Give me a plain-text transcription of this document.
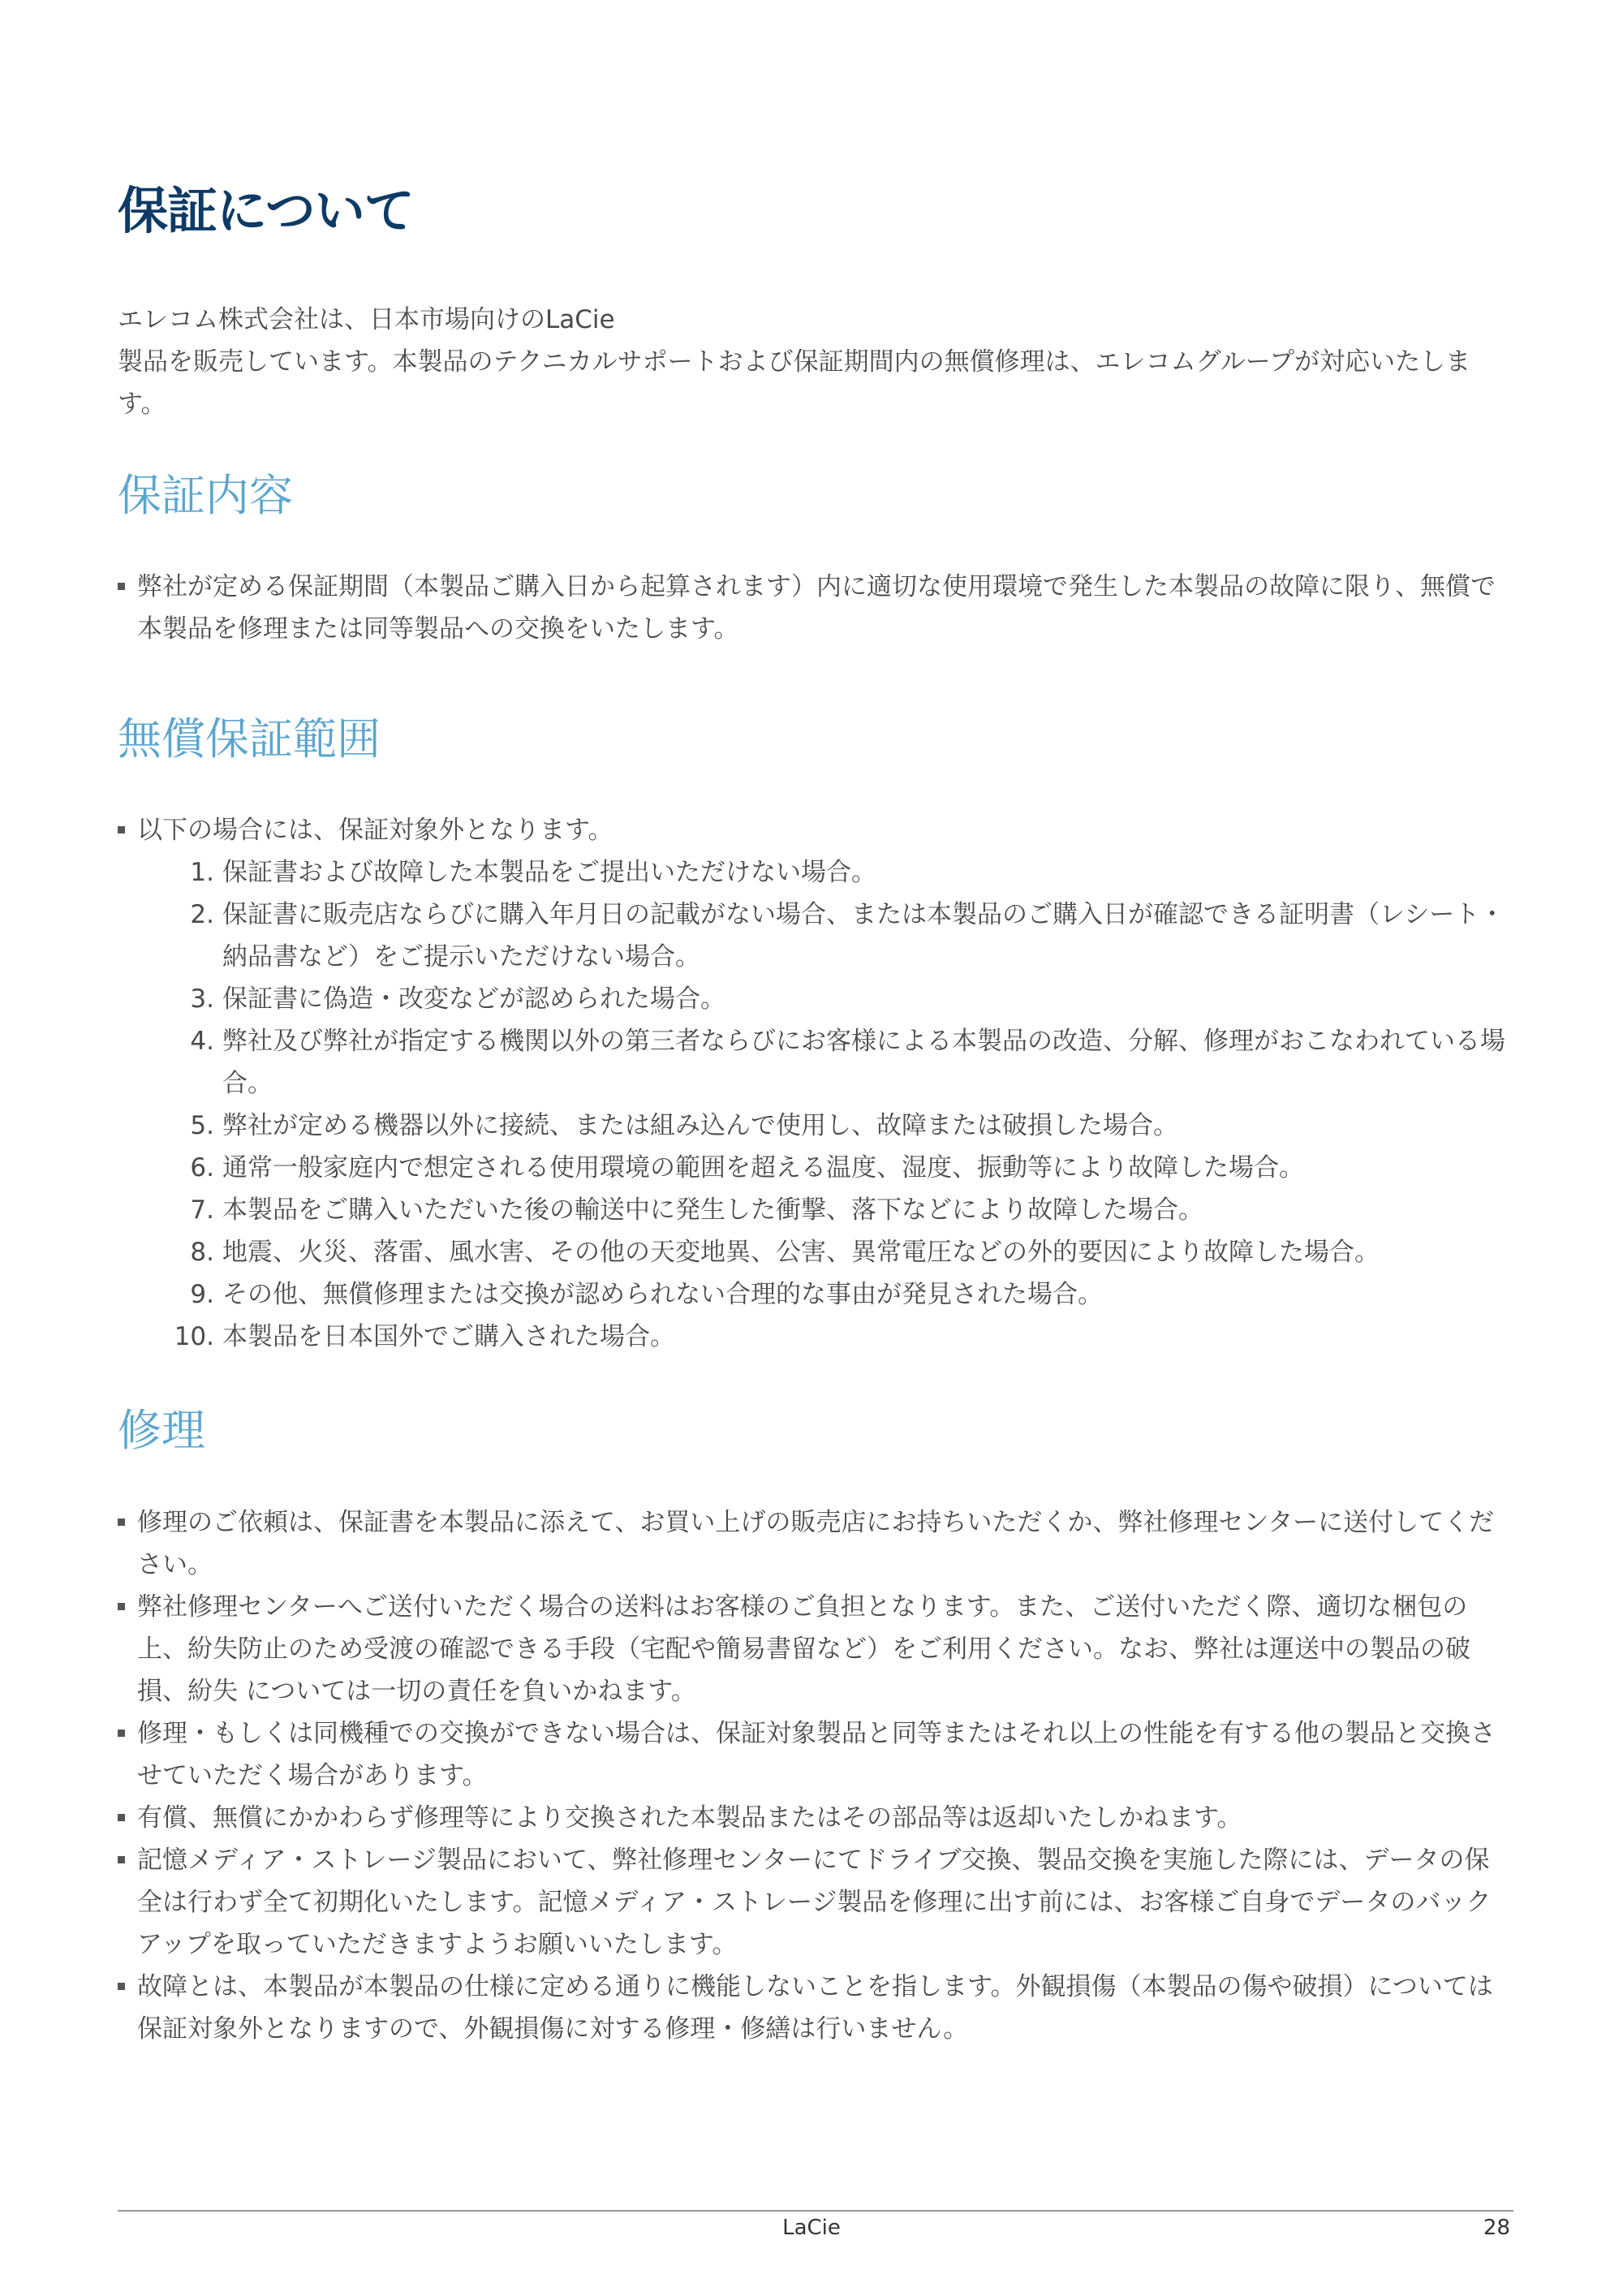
保証について

エレコム株式会社は、日本市場向けのLaCie

製品を販売しています。本製品のテクニカルサポートおよび保証期間内の無償修理は、エレコムグループが対応いたします。

保証内容
弊社が定める保証期間（本製品ご購入日から起算されます）内に適切な使用環境で発生した本製品の故障に限り、無償で本製品を修理または同等製品への交換をいたします。
無償保証範囲
以下の場合には、保証対象外となります。
1. 保証書および故障した本製品をご提出いただけない場合。
2. 保証書に販売店ならびに購入年月日の記載がない場合、または本製品のご購入日が確認できる証明書（レシート・納品書など）をご提示いただけない場合。
3. 保証書に偽造・改変などが認められた場合。
4. 弊社及び弊社が指定する機関以外の第三者ならびにお客様による本製品の改造、分解、修理がおこなわれている場合。
5. 弊社が定める機器以外に接続、または組み込んで使用し、故障または破損した場合。
6. 通常一般家庭内で想定される使用環境の範囲を超える温度、湿度、振動等により故障した場合。
7. 本製品をご購入いただいた後の輸送中に発生した衝撃、落下などにより故障した場合。
8. 地震、火災、落雷、風水害、その他の天変地異、公害、異常電圧などの外的要因により故障した場合。
9. その他、無償修理または交換が認められない合理的な事由が発見された場合。
10. 本製品を日本国外でご購入された場合。
修理
修理のご依頼は、保証書を本製品に添えて、お買い上げの販売店にお持ちいただくか、弊社修理センターに送付してください。
弊社修理センターへご送付いただく場合の送料はお客様のご負担となります。また、ご送付いただく際、適切な梱包の上、紛失防止のため受渡の確認できる手段（宅配や簡易書留など）をご利用ください。なお、弊社は運送中の製品の破損、紛失 については一切の責任を負いかねます。
修理・もしくは同機種での交換ができない場合は、保証対象製品と同等またはそれ以上の性能を有する他の製品と交換させていただく場合があります。
有償、無償にかかわらず修理等により交換された本製品またはその部品等は返却いたしかねます。
記憶メディア・ストレージ製品において、弊社修理センターにてドライブ交換、製品交換を実施した際には、データの保全は行わず全て初期化いたします。記憶メディア・ストレージ製品を修理に出す前には、お客様ご自身でデータのバックアップを取っていただきますようお願いいたします。
故障とは、本製品が本製品の仕様に定める通りに機能しないことを指します。外観損傷（本製品の傷や破損）については保証対象外となりますので、外観損傷に対する修理・修繕は行いません。
LaCie	28
